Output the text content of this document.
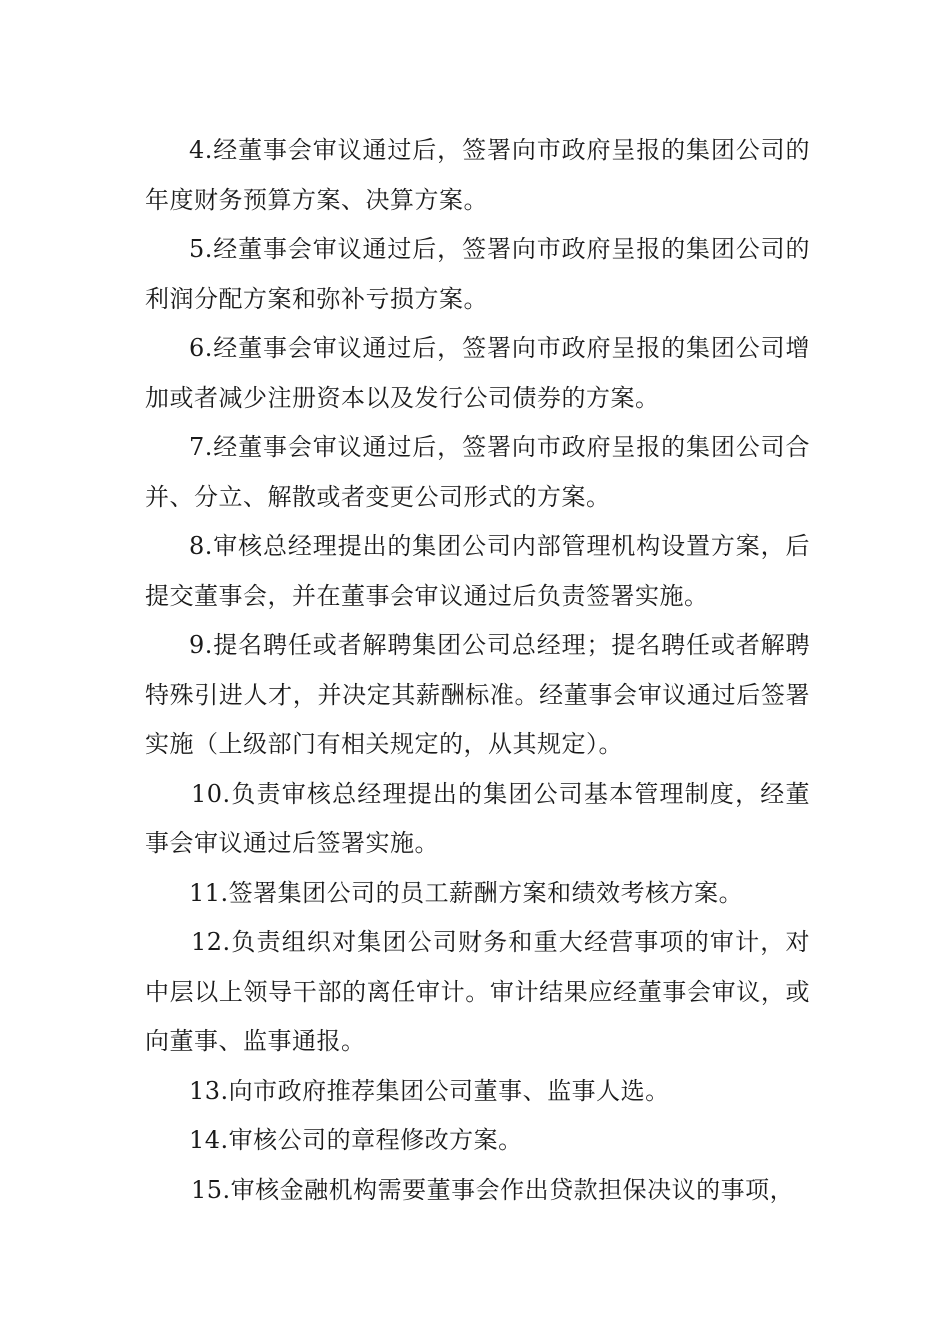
4.经董事会审议通过后，签署向市政府呈报的集团公司的年度财务预算方案、决算方案。

5.经董事会审议通过后，签署向市政府呈报的集团公司的利润分配方案和弥补亏损方案。

6.经董事会审议通过后，签署向市政府呈报的集团公司增加或者减少注册资本以及发行公司债券的方案。

7.经董事会审议通过后，签署向市政府呈报的集团公司合并、分立、解散或者变更公司形式的方案。

8.审核总经理提出的集团公司内部管理机构设置方案，后提交董事会，并在董事会审议通过后负责签署实施。

9.提名聘任或者解聘集团公司总经理；提名聘任或者解聘特殊引进人才，并决定其薪酬标准。经董事会审议通过后签署实施（上级部门有相关规定的，从其规定）。

10.负责审核总经理提出的集团公司基本管理制度，经董事会审议通过后签署实施。

11.签署集团公司的员工薪酬方案和绩效考核方案。

12.负责组织对集团公司财务和重大经营事项的审计，对中层以上领导干部的离任审计。审计结果应经董事会审议，或向董事、监事通报。

13.向市政府推荐集团公司董事、监事人选。

14.审核公司的章程修改方案。

15.审核金融机构需要董事会作出贷款担保决议的事项，
